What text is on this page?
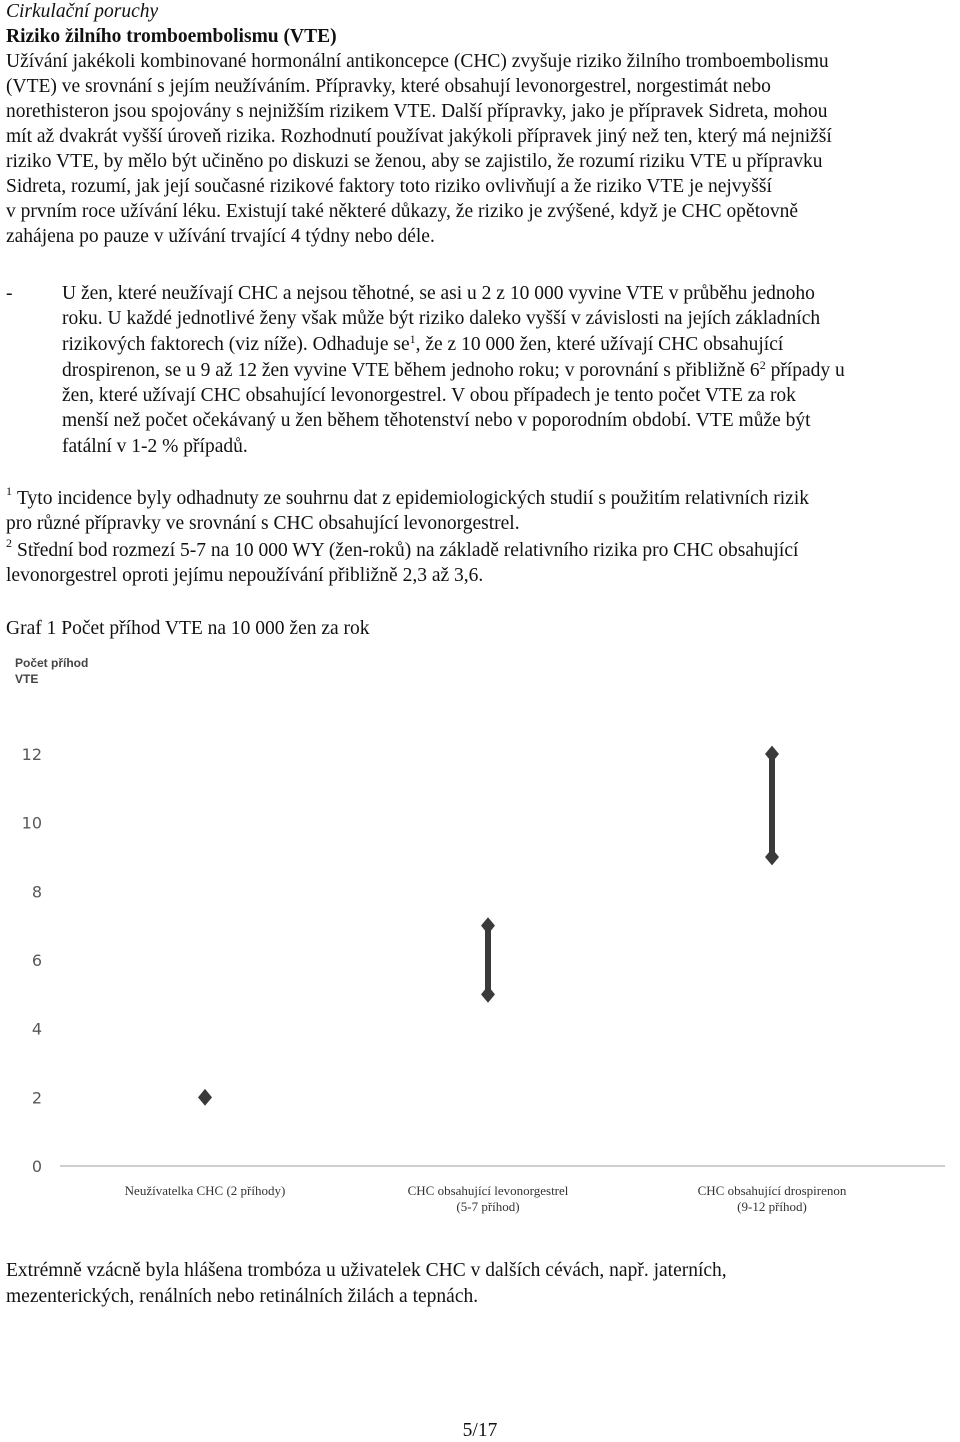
Cirkulační poruchy
Riziko žilního tromboembolismu (VTE)
Užívání jakékoli kombinované hormonální antikoncepce (CHC) zvyšuje riziko žilního tromboembolismu
(VTE) ve srovnání s jejím neužíváním. Přípravky, které obsahují levonorgestrel, norgestimát nebo
norethisteron jsou spojovány s nejnižším rizikem VTE. Další přípravky, jako je přípravek Sidreta, mohou
mít až dvakrát vyšší úroveň rizika. Rozhodnutí používat jakýkoli přípravek jiný než ten, který má nejnižší
riziko VTE, by mělo být učiněno po diskuzi se ženou, aby se zajistilo, že rozumí riziku VTE u přípravku
Sidreta, rozumí, jak její současné rizikové faktory toto riziko ovlivňují a že riziko VTE je nejvyšší
v prvním roce užívání léku. Existují také některé důkazy, že riziko je zvýšené, když je CHC opětovně
zahájena po pauze v užívání trvající 4 týdny nebo déle.
-	U žen, které neužívají CHC a nejsou těhotné, se asi u 2 z 10 000 vyvine VTE v průběhu jednoho
roku. U každé jednotlivé ženy však může být riziko daleko vyšší v závislosti na jejích základních
rizikových faktorech (viz níže). Odhaduje $se^1$, že z 10 000 žen, které užívají CHC obsahující
drospirenon, se u 9 až 12 žen vyvine VTE během jednoho roku; v porovnání s přibližně $6^2$ případy u
žen, které užívají CHC obsahující levonorgestrel. V obou případech je tento počet VTE za rok
menší než počet očekávaný u žen během těhotenství nebo v poporodním období. VTE může být
fatální v 1-2 % případů.
1 Tyto incidence byly odhadnuty ze souhrnu dat z epidemiologických studií s použitím relativních rizik
pro různé přípravky ve srovnání s CHC obsahující levonorgestrel.
2 Střední bod rozmezí 5-7 na 10 000 WY (žen-roků) na základě relativního rizika pro CHC obsahující
levonorgestrel oproti jejímu nepoužívání přibližně 2,3 až 3,6.
Graf 1 Počet příhod VTE na 10 000 žen za rok
Počet příhod
VTE
0
2
4
6
8
10
12
Neužívatelka CHC (2 příhody)	CHC obsahující levonorgestrel
(5-7 příhod)
CHC obsahující drospirenon
(9-12 příhod)
Extrémně vzácně byla hlášena trombóza u uživatelek CHC v dalších cévách, např. jaterních,
mezenterických, renálních nebo retinálních žilách a tepnách.
5/17
